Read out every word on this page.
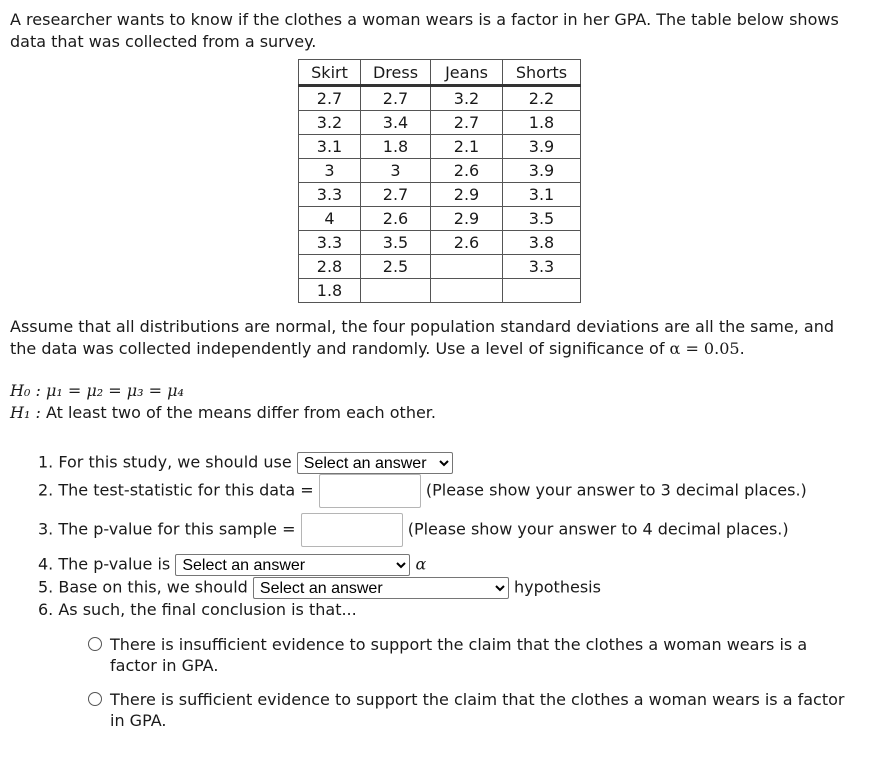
A researcher wants to know if the clothes a woman wears is a factor in her GPA. The table below shows data that was collected from a survey.
Skirt	Dress	Jeans	Shorts
2.7	2.7	3.2	2.2
3.2	3.4	2.7	1.8
3.1	1.8	2.1	3.9
3	3	2.6	3.9
3.3	2.7	2.9	3.1
4	2.6	2.9	3.5
3.3	3.5	2.6	3.8
2.8	2.5		3.3
1.8			
Assume that all distributions are normal, the four population standard deviations are all the same, and the data was collected independently and randomly. Use a level of significance of α = 0.05.
H₀ : μ₁ = μ₂ = μ₃ = μ₄
H₁ : At least two of the means differ from each other.
1. For this study, we should use
Select an answer
2. The test-statistic for this data =	(Please show your answer to 3 decimal places.)
3. The p-value for this sample =	(Please show your answer to 4 decimal places.)
4. The p-value is
Select an answer	α
5. Base on this, we should
Select an answer	hypothesis
6. As such, the final conclusion is that...
There is insufficient evidence to support the claim that the clothes a woman wears is a factor in GPA.
There is sufficient evidence to support the claim that the clothes a woman wears is a factor in GPA.
